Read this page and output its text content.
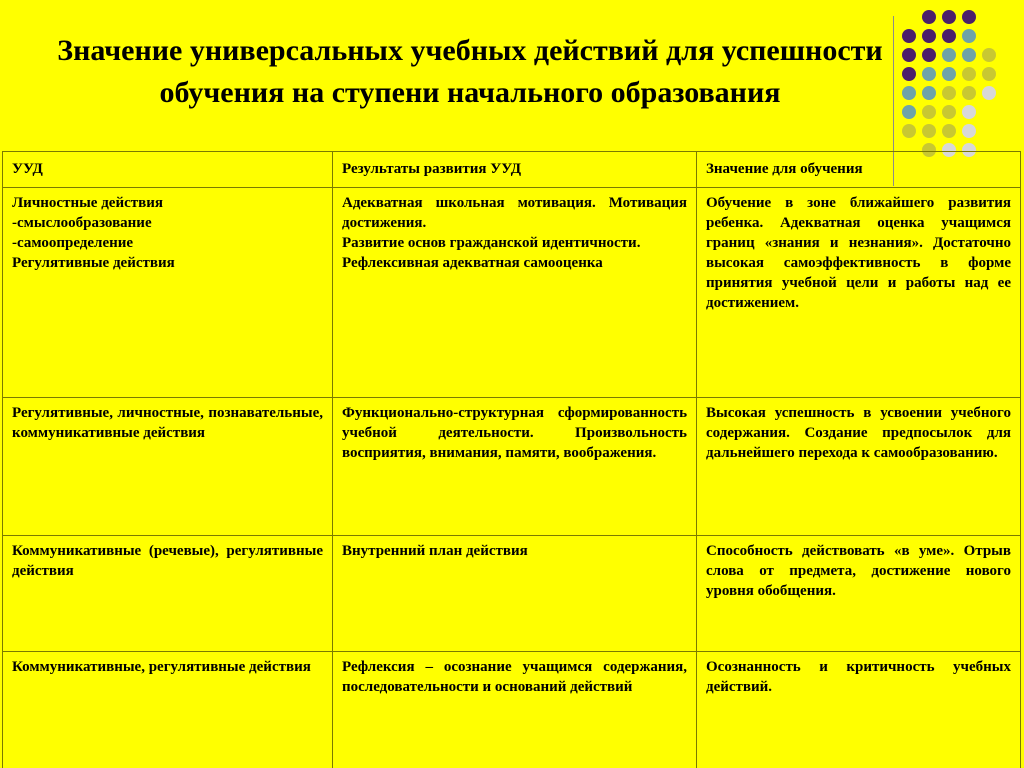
Значение универсальных учебных действий для успешности обучения на ступени начального образования
УУД	Результаты развития УУД	Значение для обучения

Личностные действия
-смыслообразование
-самоопределение
Регулятивные действия	Адекватная школьная мотивация. Мотивация достижения.
Развитие основ гражданской идентичности.
Рефлексивная адекватная самооценка	Обучение в зоне ближайшего развития ребенка. Адекватная оценка учащимся границ «знания и незнания». Достаточно высокая самоэффективность в форме принятия учебной цели и работы над ее достижением.

Регулятивные, личностные, познавательные, коммуникативные действия	Функционально-структурная сформированность учебной деятельности. Произвольность восприятия, внимания, памяти, воображения.	Высокая успешность в усвоении учебного содержания. Создание предпосылок для дальнейшего перехода к самообразованию.

Коммуникативные (речевые), регулятивные действия	Внутренний план действия	Способность действовать «в уме». Отрыв слова от предмета, достижение нового уровня обобщения.

Коммуникативные, регулятивные действия	Рефлексия – осознание учащимся содержания, последовательности и оснований действий	Осознанность и критичность учебных действий.
